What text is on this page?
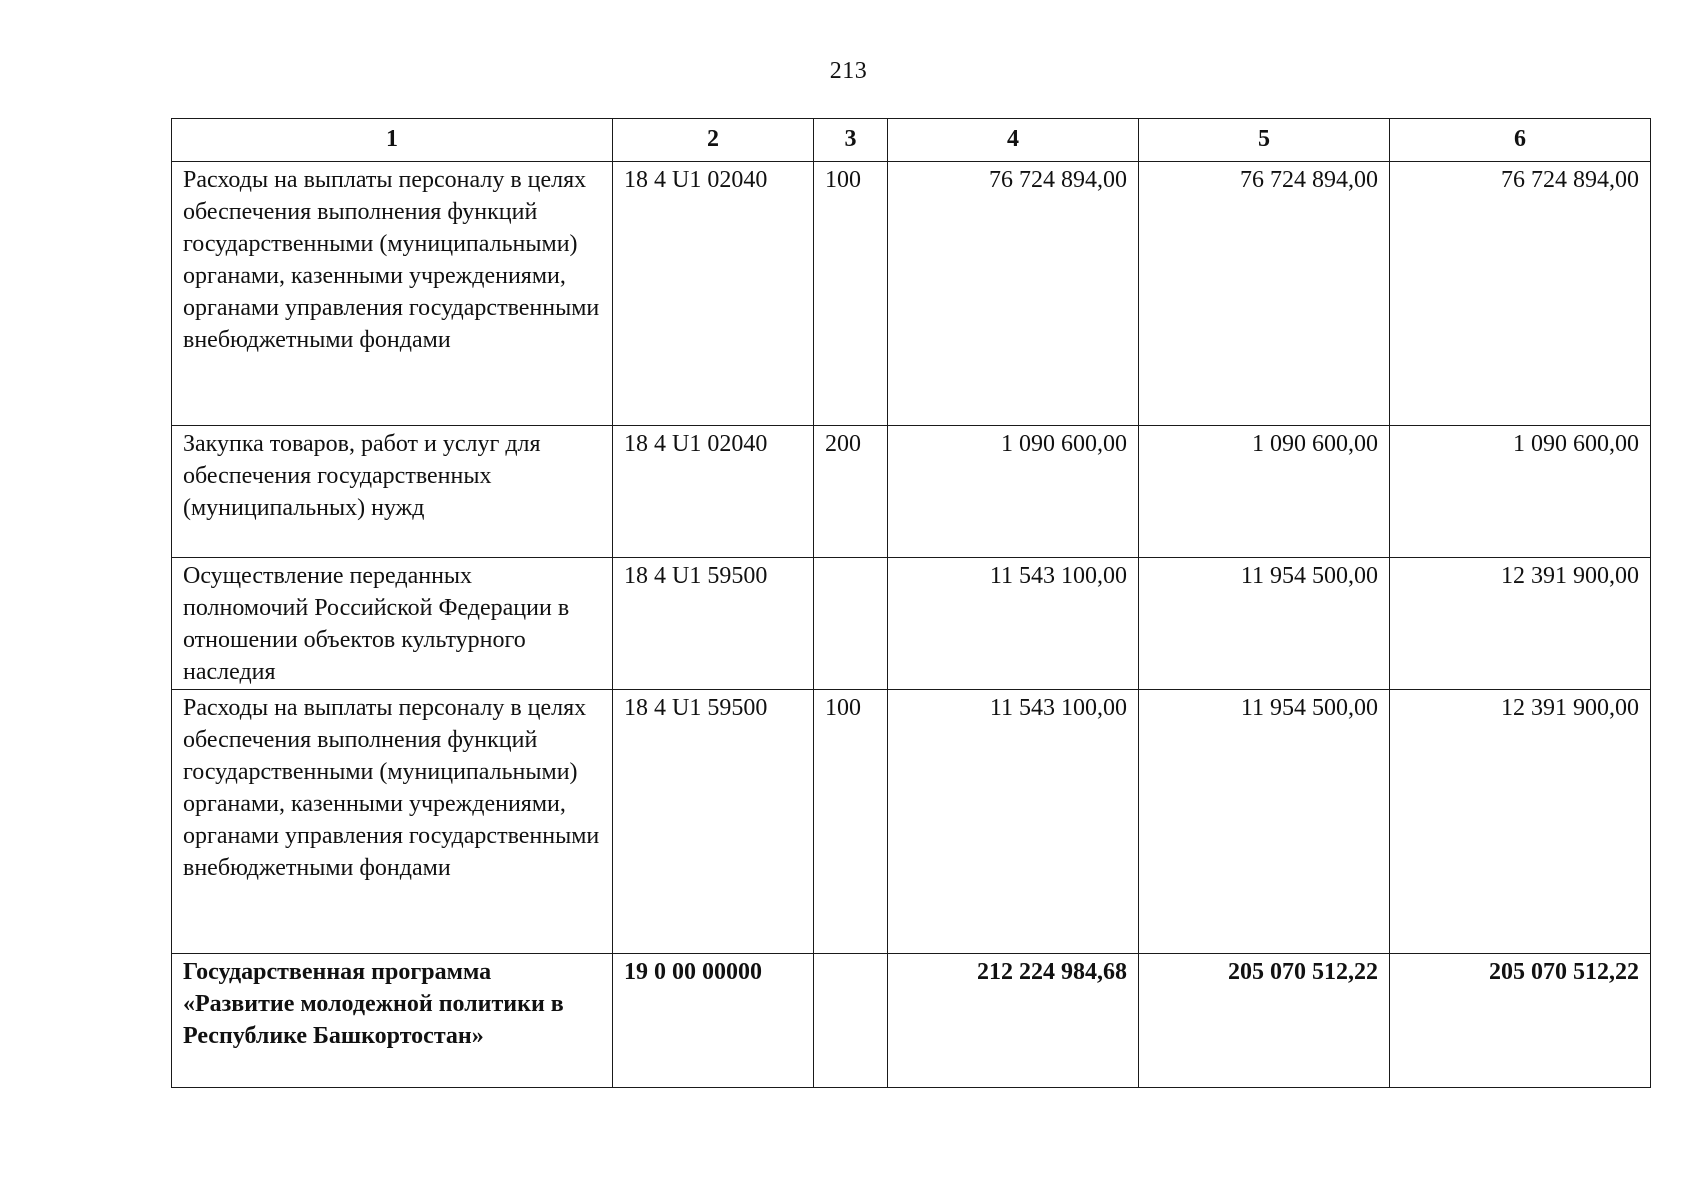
213
1	2	3	4	5	6
Расходы на выплаты персоналу в целях обеспечения выполнения функций государственными (муниципальными) органами, казенными учреждениями, органами управления государственными внебюджетными фондами	18 4 U1 02040	100	76 724 894,00	76 724 894,00	76 724 894,00
Закупка товаров, работ и услуг для обеспечения государственных (муниципальных) нужд	18 4 U1 02040	200	1 090 600,00	1 090 600,00	1 090 600,00
Осуществление переданных полномочий Российской Федерации в отношении объектов культурного наследия	18 4 U1 59500		11 543 100,00	11 954 500,00	12 391 900,00
Расходы на выплаты персоналу в целях обеспечения выполнения функций государственными (муниципальными) органами, казенными учреждениями, органами управления государственными внебюджетными фондами	18 4 U1 59500	100	11 543 100,00	11 954 500,00	12 391 900,00
Государственная программа «Развитие молодежной политики в Республике Башкортостан»	19 0 00 00000		212 224 984,68	205 070 512,22	205 070 512,22
